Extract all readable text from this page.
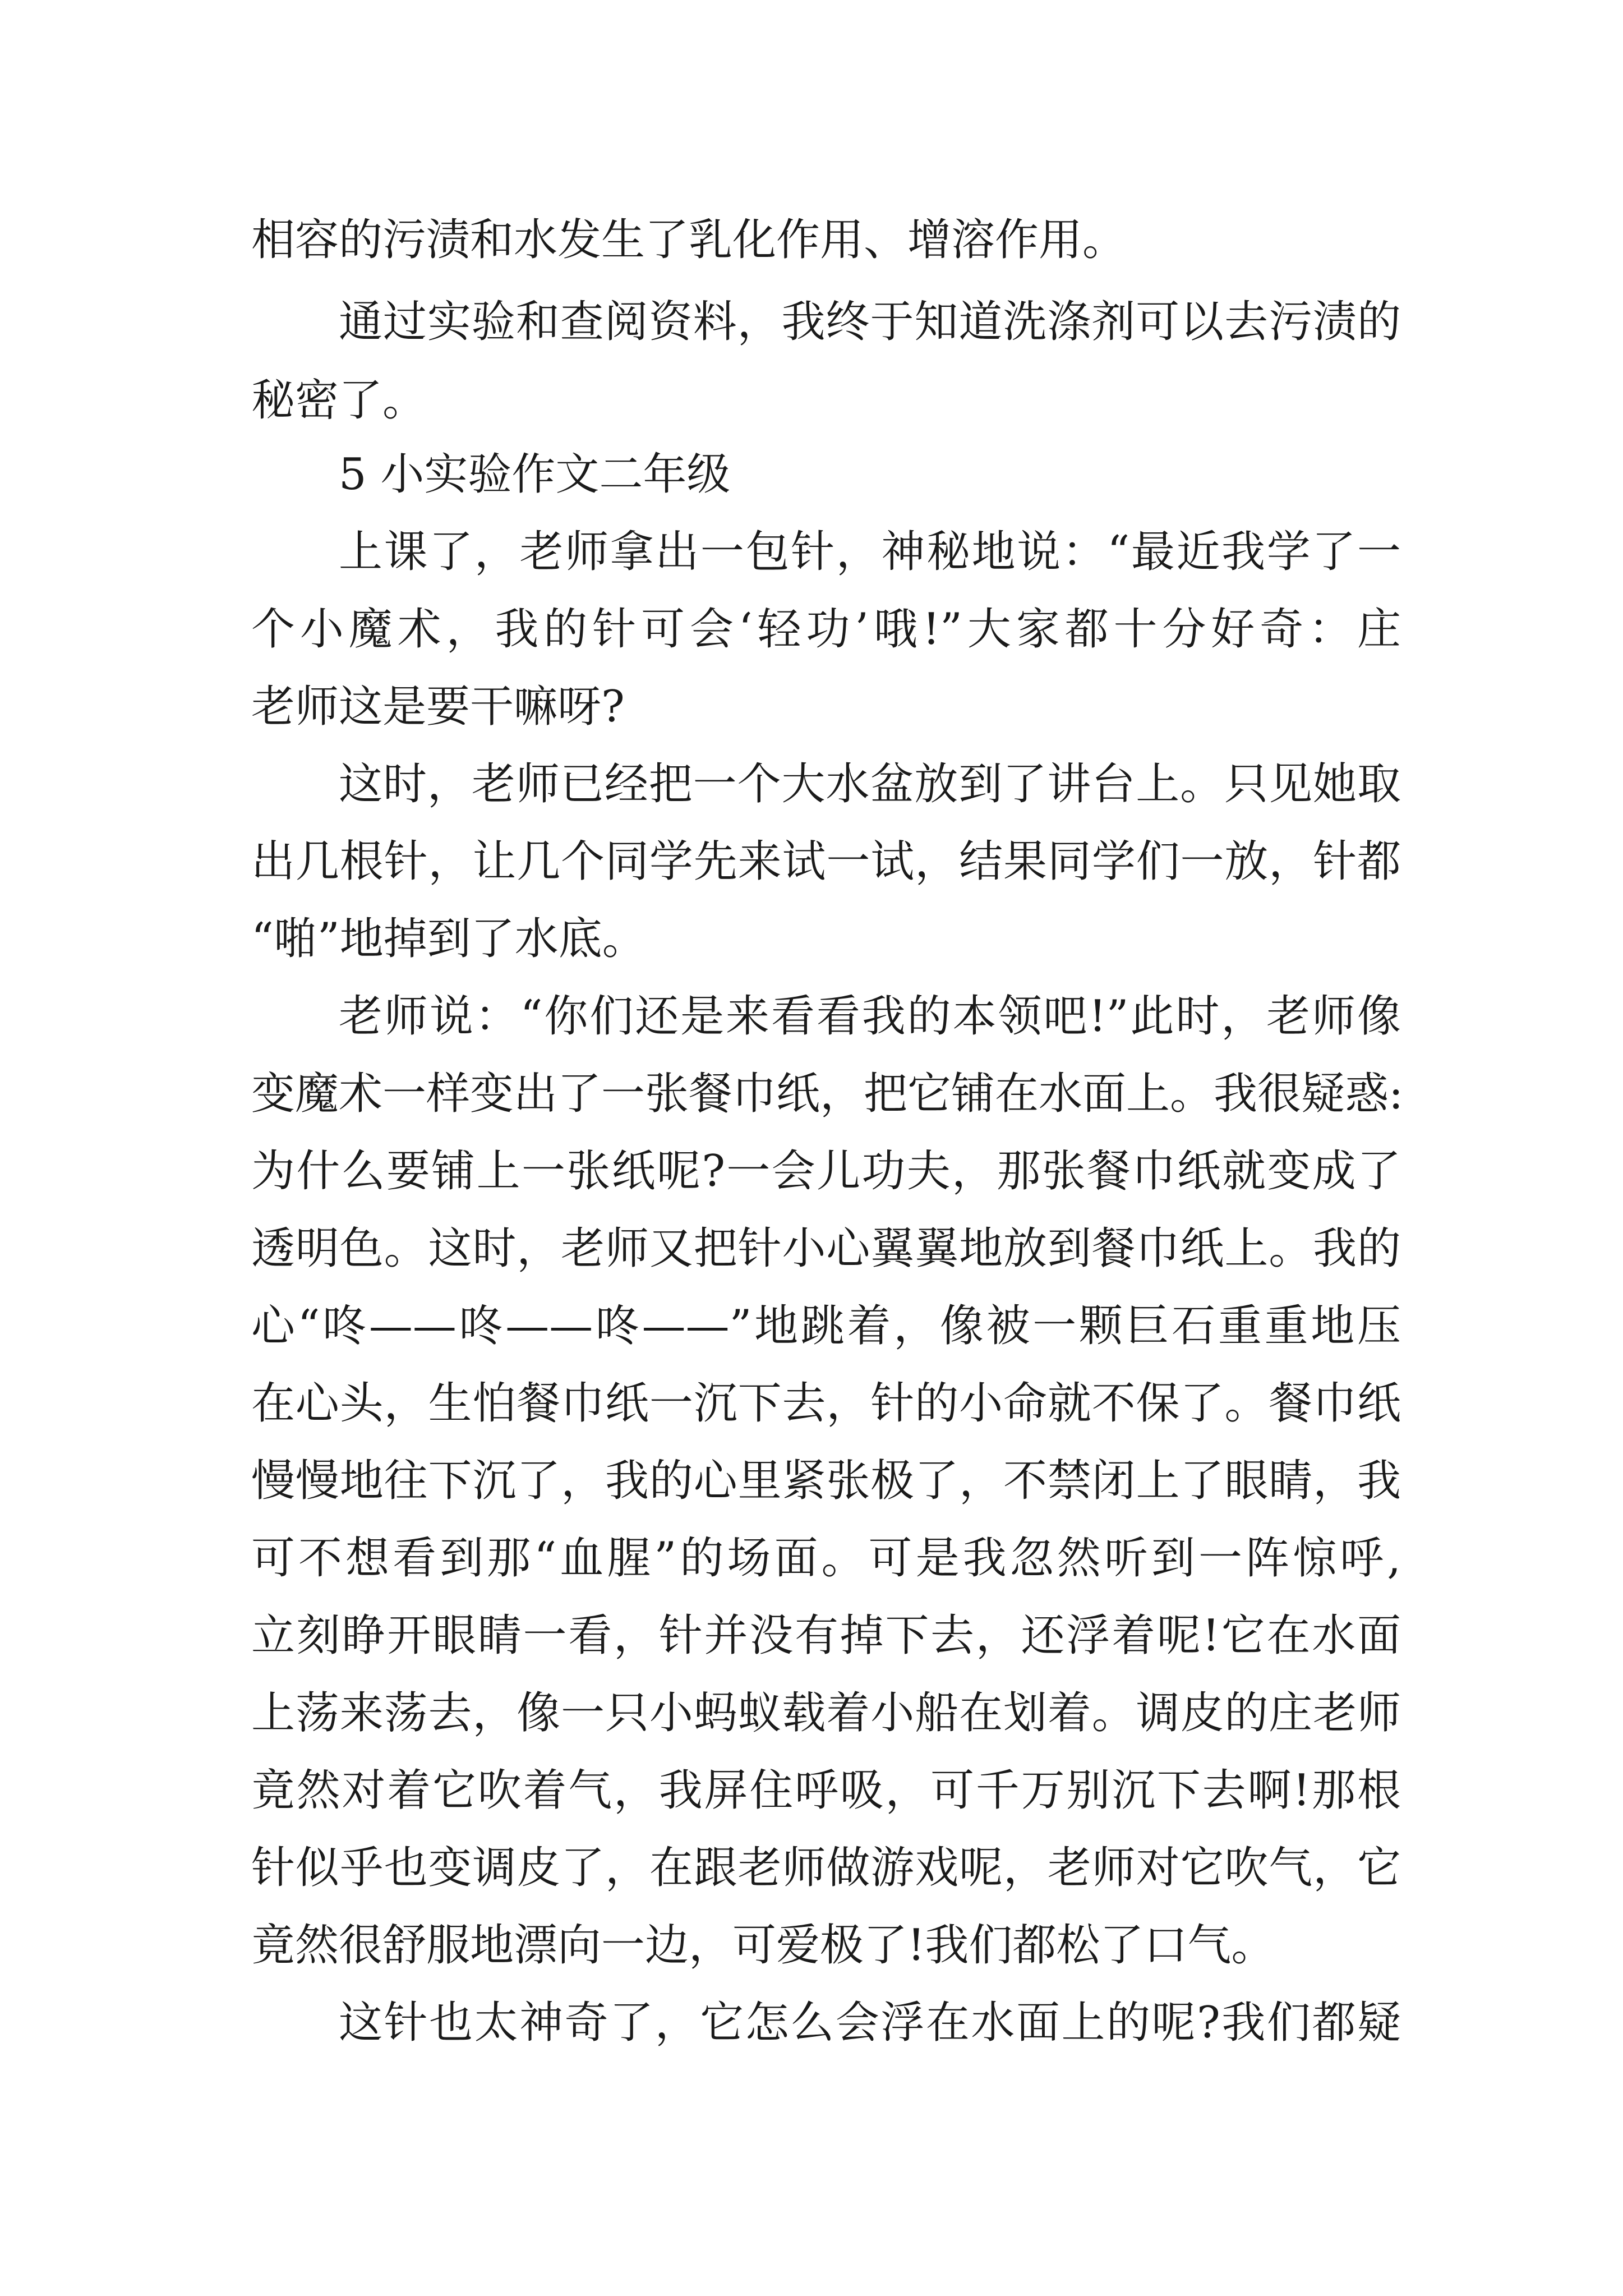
相容的污渍和水发生了乳化作用、增溶作用。
通过实验和查阅资料，我终于知道洗涤剂可以去污渍的
秘密了。
5 小实验作文二年级
上课了，老师拿出一包针，神秘地说：“最近我学了一
个小魔术，我的针可会‘轻功’哦!”大家都十分好奇：庄
老师这是要干嘛呀?
这时，老师已经把一个大水盆放到了讲台上。只见她取
出几根针，让几个同学先来试一试，结果同学们一放，针都
“啪”地掉到了水底。
老师说：“你们还是来看看我的本领吧!”此时，老师像
变魔术一样变出了一张餐巾纸，把它铺在水面上。我很疑惑:
为什么要铺上一张纸呢?一会儿功夫，那张餐巾纸就变成了
透明色。这时，老师又把针小心翼翼地放到餐巾纸上。我的
心“咚——咚——咚——”地跳着，像被一颗巨石重重地压
在心头，生怕餐巾纸一沉下去，针的小命就不保了。餐巾纸
慢慢地往下沉了，我的心里紧张极了，不禁闭上了眼睛，我
可不想看到那“血腥”的场面。可是我忽然听到一阵惊呼,
立刻睁开眼睛一看，针并没有掉下去，还浮着呢!它在水面
上荡来荡去，像一只小蚂蚁载着小船在划着。调皮的庄老师
竟然对着它吹着气，我屏住呼吸，可千万别沉下去啊!那根
针似乎也变调皮了，在跟老师做游戏呢，老师对它吹气，它
竟然很舒服地漂向一边，可爱极了!我们都松了口气。
这针也太神奇了，它怎么会浮在水面上的呢?我们都疑
